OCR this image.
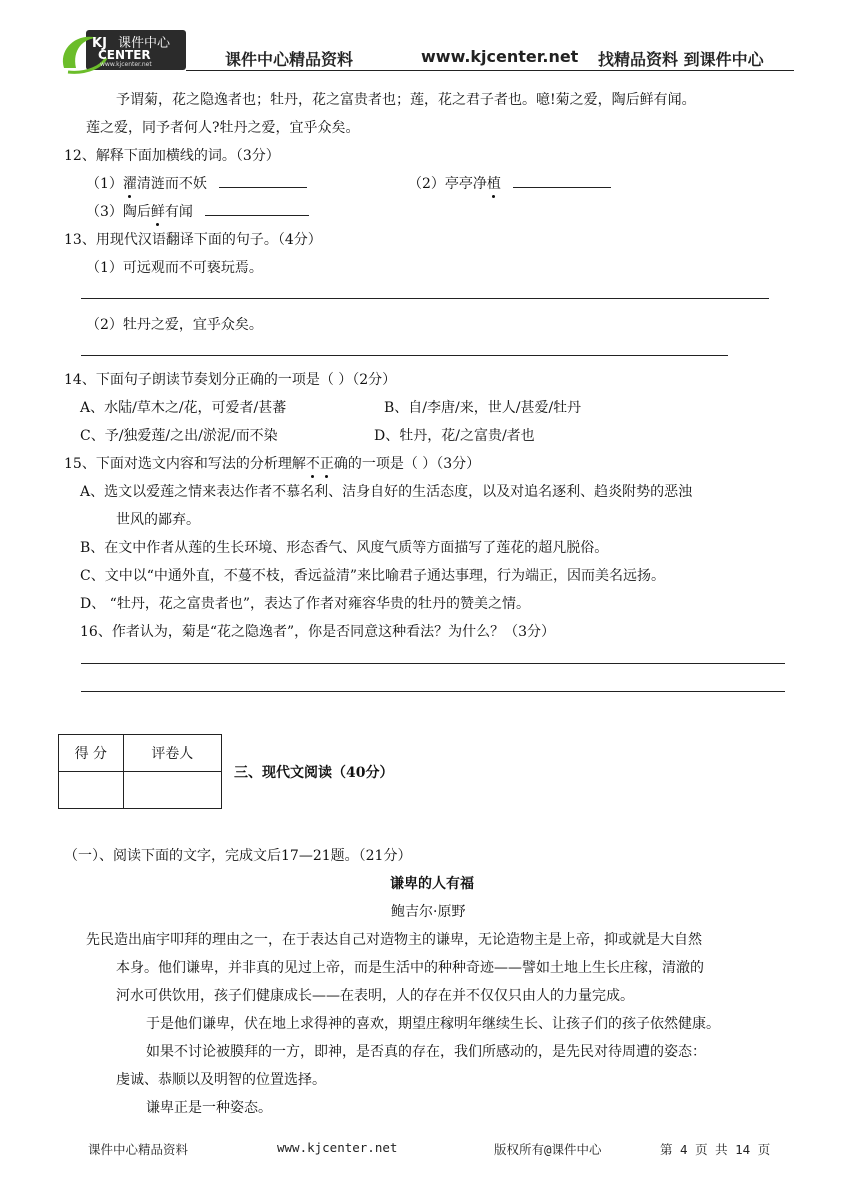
课件中心
KJ
CENTER
www.kjcenter.net	课件中心精品资料	www.kjcenter.net 找精品资料 到课件中心
予谓菊，花之隐逸者也；牡丹，花之富贵者也；莲，花之君子者也。噫!菊之爱，陶后鲜有闻。
莲之爱，同予者何人?牡丹之爱，宜乎众矣。
12、解释下面加横线的词。（3分）
（1）濯清涟而不妖	（2）亭亭净植
（3）陶后鲜有闻
13、用现代汉语翻译下面的句子。（4分）
（1）可远观而不可亵玩焉。
（2）牡丹之爱，宜乎众矣。
14、下面句子朗读节奏划分正确的一项是（ ）（2分）
A、水陆/草木之/花，可爱者/甚蕃	B、自/李唐/来，世人/甚爱/牡丹
C、予/独爱莲/之出/淤泥/而不染	D、牡丹，花/之富贵/者也
15、下面对选文内容和写法的分析理解不正确的一项是（ ）（3分）
A、选文以爱莲之情来表达作者不慕名利、洁身自好的生活态度，以及对追名逐利、趋炎附势的恶浊
世风的鄙弃。
B、在文中作者从莲的生长环境、形态香气、风度气质等方面描写了莲花的超凡脱俗。
C、文中以“中通外直，不蔓不枝，香远益清”来比喻君子通达事理，行为端正，因而美名远扬。
D、 “牡丹，花之富贵者也”，表达了作者对雍容华贵的牡丹的赞美之情。
16、作者认为，菊是“花之隐逸者”，你是否同意这种看法？为什么？（3分）
得 分	评卷人

三、现代文阅读（40分）
（一）、阅读下面的文字，完成文后17—21题。（21分）
谦卑的人有福
鲍吉尔·原野
先民造出庙宇叩拜的理由之一，在于表达自己对造物主的谦卑，无论造物主是上帝，抑或就是大自然
本身。他们谦卑，并非真的见过上帝，而是生活中的种种奇迹——譬如土地上生长庄稼，清澈的
河水可供饮用，孩子们健康成长——在表明，人的存在并不仅仅只由人的力量完成。
于是他们谦卑，伏在地上求得神的喜欢，期望庄稼明年继续生长、让孩子们的孩子依然健康。
如果不讨论被膜拜的一方，即神，是否真的存在，我们所感动的，是先民对待周遭的姿态：
虔诚、恭顺以及明智的位置选择。
谦卑正是一种姿态。
课件中心精品资料	www.kjcenter.net	版权所有@课件中心	第 4 页 共 14 页
